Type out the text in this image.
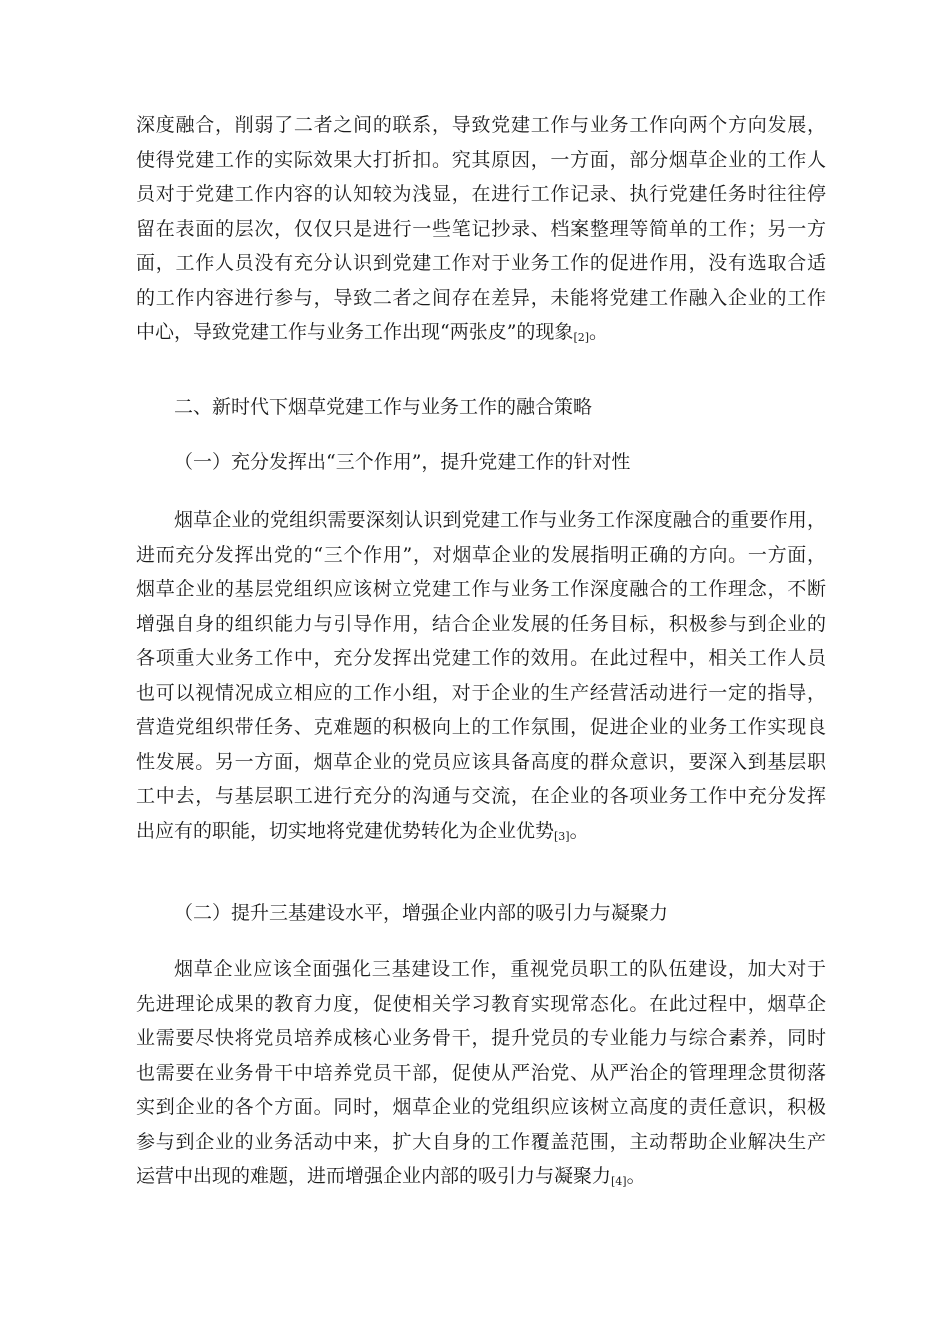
深度融合，削弱了二者之间的联系，导致党建工作与业务工作向两个方向发展，
使得党建工作的实际效果大打折扣。究其原因，一方面，部分烟草企业的工作人
员对于党建工作内容的认知较为浅显，在进行工作记录、执行党建任务时往往停
留在表面的层次，仅仅只是进行一些笔记抄录、档案整理等简单的工作；另一方
面，工作人员没有充分认识到党建工作对于业务工作的促进作用，没有选取合适
的工作内容进行参与，导致二者之间存在差异，未能将党建工作融入企业的工作
中心，导致党建工作与业务工作出现“两张皮”的现象$_{[2]}$。
二、新时代下烟草党建工作与业务工作的融合策略
（一）充分发挥出“三个作用”，提升党建工作的针对性
烟草企业的党组织需要深刻认识到党建工作与业务工作深度融合的重要作用，
进而充分发挥出党的“三个作用”，对烟草企业的发展指明正确的方向。一方面，
烟草企业的基层党组织应该树立党建工作与业务工作深度融合的工作理念，不断
增强自身的组织能力与引导作用，结合企业发展的任务目标，积极参与到企业的
各项重大业务工作中，充分发挥出党建工作的效用。在此过程中，相关工作人员
也可以视情况成立相应的工作小组，对于企业的生产经营活动进行一定的指导，
营造党组织带任务、克难题的积极向上的工作氛围，促进企业的业务工作实现良
性发展。另一方面，烟草企业的党员应该具备高度的群众意识，要深入到基层职
工中去，与基层职工进行充分的沟通与交流，在企业的各项业务工作中充分发挥
出应有的职能，切实地将党建优势转化为企业优势$_{[3]}$。
（二）提升三基建设水平，增强企业内部的吸引力与凝聚力
烟草企业应该全面强化三基建设工作，重视党员职工的队伍建设，加大对于
先进理论成果的教育力度，促使相关学习教育实现常态化。在此过程中，烟草企
业需要尽快将党员培养成核心业务骨干，提升党员的专业能力与综合素养，同时
也需要在业务骨干中培养党员干部，促使从严治党、从严治企的管理理念贯彻落
实到企业的各个方面。同时，烟草企业的党组织应该树立高度的责任意识，积极
参与到企业的业务活动中来，扩大自身的工作覆盖范围，主动帮助企业解决生产
运营中出现的难题，进而增强企业内部的吸引力与凝聚力$_{[4]}$。
